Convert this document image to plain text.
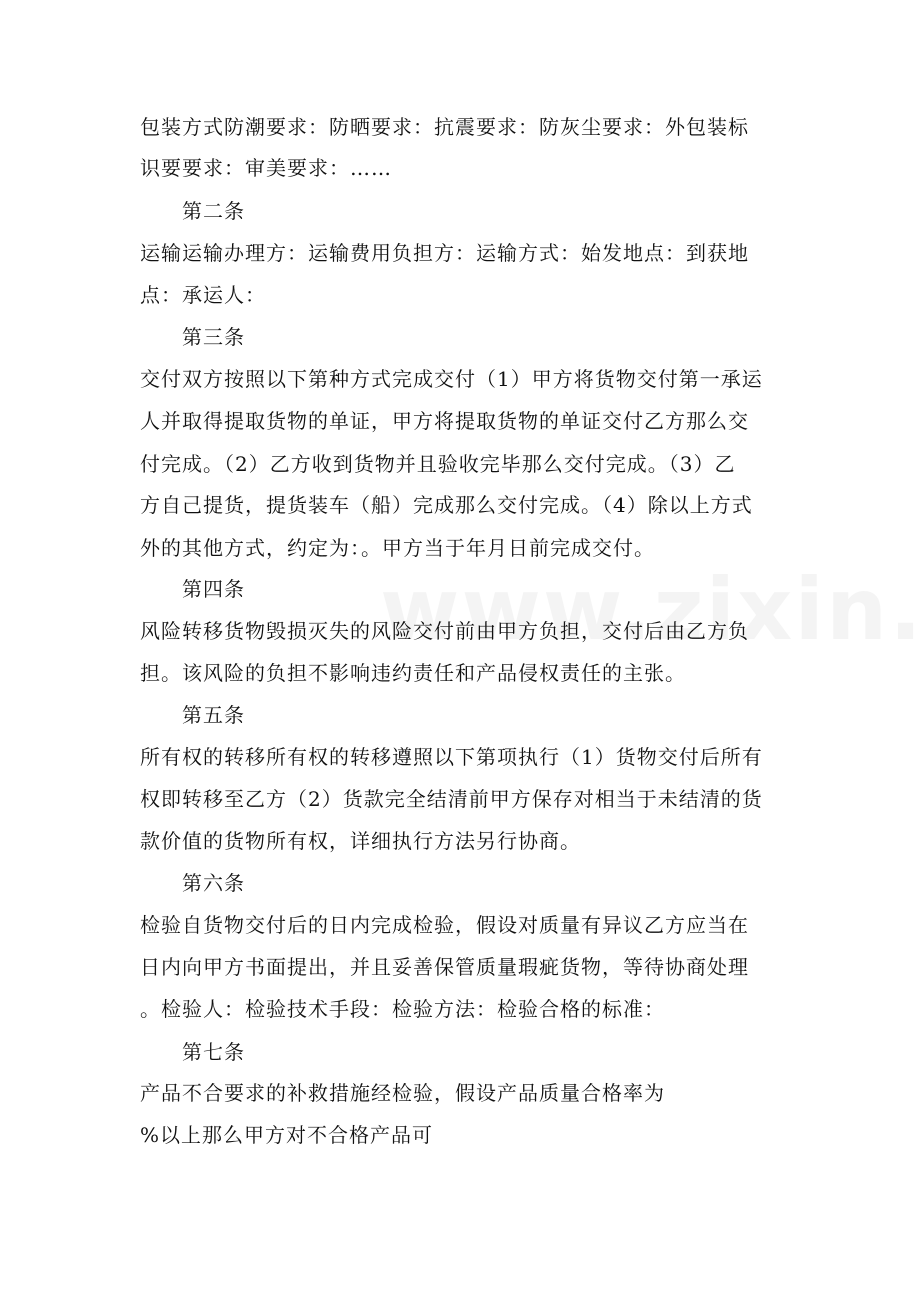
包装方式防潮要求：防晒要求：抗震要求：防灰尘要求：外包装标
识要要求：审美要求：……
第二条
运输运输办理方：运输费用负担方：运输方式：始发地点：到获地
点：承运人：
第三条
交付双方按照以下第种方式完成交付（1）甲方将货物交付第一承运
人并取得提取货物的单证，甲方将提取货物的单证交付乙方那么交
付完成。（2）乙方收到货物并且验收完毕那么交付完成。（3）乙
方自己提货，提货装车（船）完成那么交付完成。（4）除以上方式
外的其他方式，约定为：。甲方当于年月日前完成交付。
第四条
风险转移货物毁损灭失的风险交付前由甲方负担，交付后由乙方负
担。该风险的负担不影响违约责任和产品侵权责任的主张。
第五条
所有权的转移所有权的转移遵照以下第项执行（1）货物交付后所有
权即转移至乙方（2）货款完全结清前甲方保存对相当于未结清的货
款价值的货物所有权，详细执行方法另行协商。
第六条
检验自货物交付后的日内完成检验，假设对质量有异议乙方应当在
日内向甲方书面提出，并且妥善保管质量瑕疵货物，等待协商处理
。检验人：检验技术手段：检验方法：检验合格的标准：
第七条
产品不合要求的补救措施经检验，假设产品质量合格率为
%以上那么甲方对不合格产品可
